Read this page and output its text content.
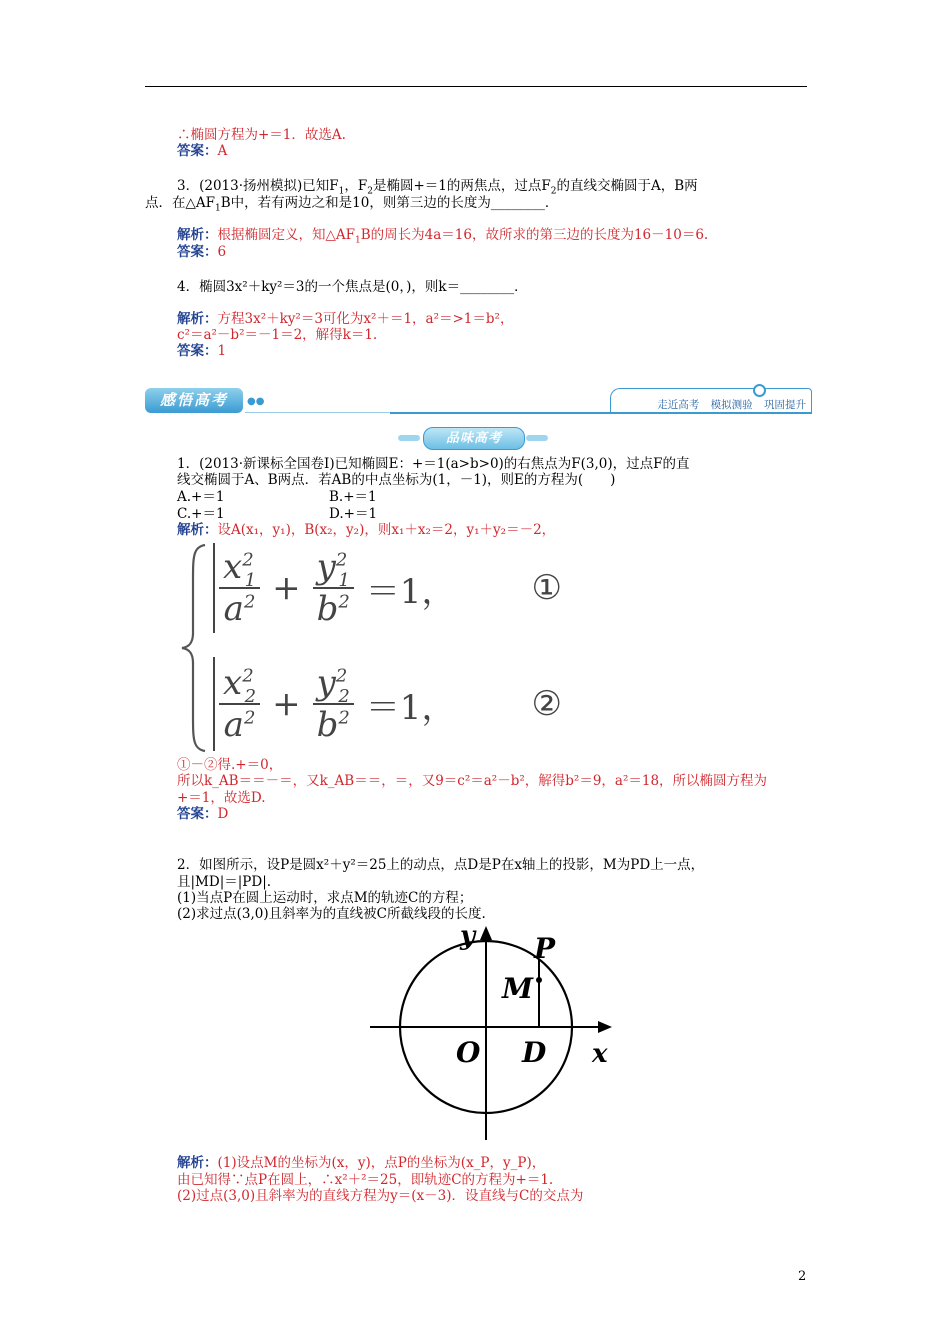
∴椭圆方程为+＝1．故选A.
答案：A
3．(2013·扬州模拟)已知$F_1$，$F_2$是椭圆+＝1的两焦点，过点$F_2$的直线交椭圆于A，B两
点．在$\triangle AF_1B$中，若有两边之和是10，则第三边的长度为________．
解析：根据椭圆定义，知$\triangle AF_1B$的周长为4a＝16，故所求的第三边的长度为16－10＝6.
答案：6
4．椭圆3x²＋ky²＝3的一个焦点是(0，)，则k＝________．
解析：方程3x²＋ky²＝3可化为x²＋＝1，a²＝>1＝b²，
c²＝a²－b²＝－1＝2，解得k＝1.
答案：1
感悟高考	●●	走近高考 模拟测验 巩固提升
品味高考
1．(2013·新课标全国卷Ⅰ)已知椭圆E：+＝1(a>b>0)的右焦点为F(3,0)，过点F的直
线交椭圆于A、B两点．若AB的中点坐标为(1，－1)，则E的方程为(　　)
A.+＝1	B.+＝1
C.+＝1	D.+＝1
解析：设A(x₁，y₁)，B(x₂，y₂)，则x₁＋x₂＝2，y₁＋y₂＝－2，
$\frac{x^2_1}{a^2} + \frac{y^2_1}{b^2} =1$， ①
$\frac{x^2_2}{a^2} + \frac{y^2_2}{b^2} =1$， ②
①－②得.+＝0，
所以k_AB＝＝－＝，又k_AB＝＝，＝，又9＝c²＝a²－b²，解得b²＝9，a²＝18，所以椭圆方程为
+＝1，故选D.
答案：D
2．如图所示，设P是圆x²＋y²＝25上的动点，点D是P在x轴上的投影，M为PD上一点，
且|MD|＝|PD|.
(1)当点P在圆上运动时，求点M的轨迹C的方程；
(2)求过点(3,0)且斜率为的直线被C所截线段的长度.
y P
M
O D x
解析：(1)设点M的坐标为(x，y)，点P的坐标为(x_P，y_P)，
由已知得∵点P在圆上，∴x²＋²＝25，即轨迹C的方程为+＝1.
(2)过点(3,0)且斜率为的直线方程为y＝(x－3)．设直线与C的交点为
2
